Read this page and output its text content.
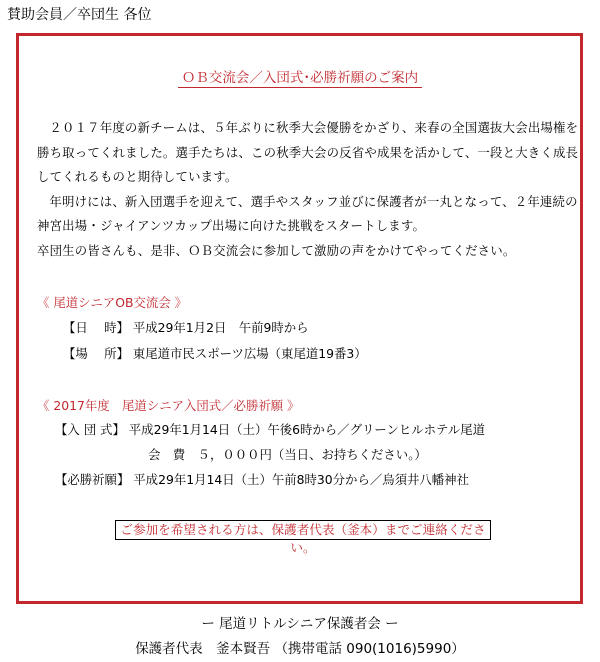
賛助会員／卒団生 各位
ＯＢ交流会／入団式･必勝祈願のご案内

２０１７年度の新チームは、５年ぶりに秋季大会優勝をかざり、来春の全国選抜大会出場権を勝ち取ってくれました。選手たちは、この秋季大会の反省や成果を活かして、一段と大きく成長してくれるものと期待しています。

年明けには、新入団選手を迎えて、選手やスタッフ並びに保護者が一丸となって、２年連続の神宮出場・ジャイアンツカップ出場に向けた挑戦をスタートします。

卒団生の皆さんも、是非、ＯＢ交流会に参加して激励の声をかけてやってください。

《 尾道シニアOB交流会 》
【日　 時】 平成29年1月2日　午前9時から
【場　 所】 東尾道市民スポーツ広場（東尾道19番3）
《 2017年度　尾道シニア入団式／必勝祈願 》
【入 団 式】 平成29年1月14日（土）午後6時から／グリーンヒルホテル尾道
会　費　５，０００円（当日、お持ちください。）
【必勝祈願】 平成29年1月14日（土）午前8時30分から／烏須井八幡神社
ご参加を希望される方は、保護者代表（釜本）までご連絡ください。
ー 尾道リトルシニア保護者会 ー
保護者代表　釜本賢吾 （携帯電話 090(1016)5990）
